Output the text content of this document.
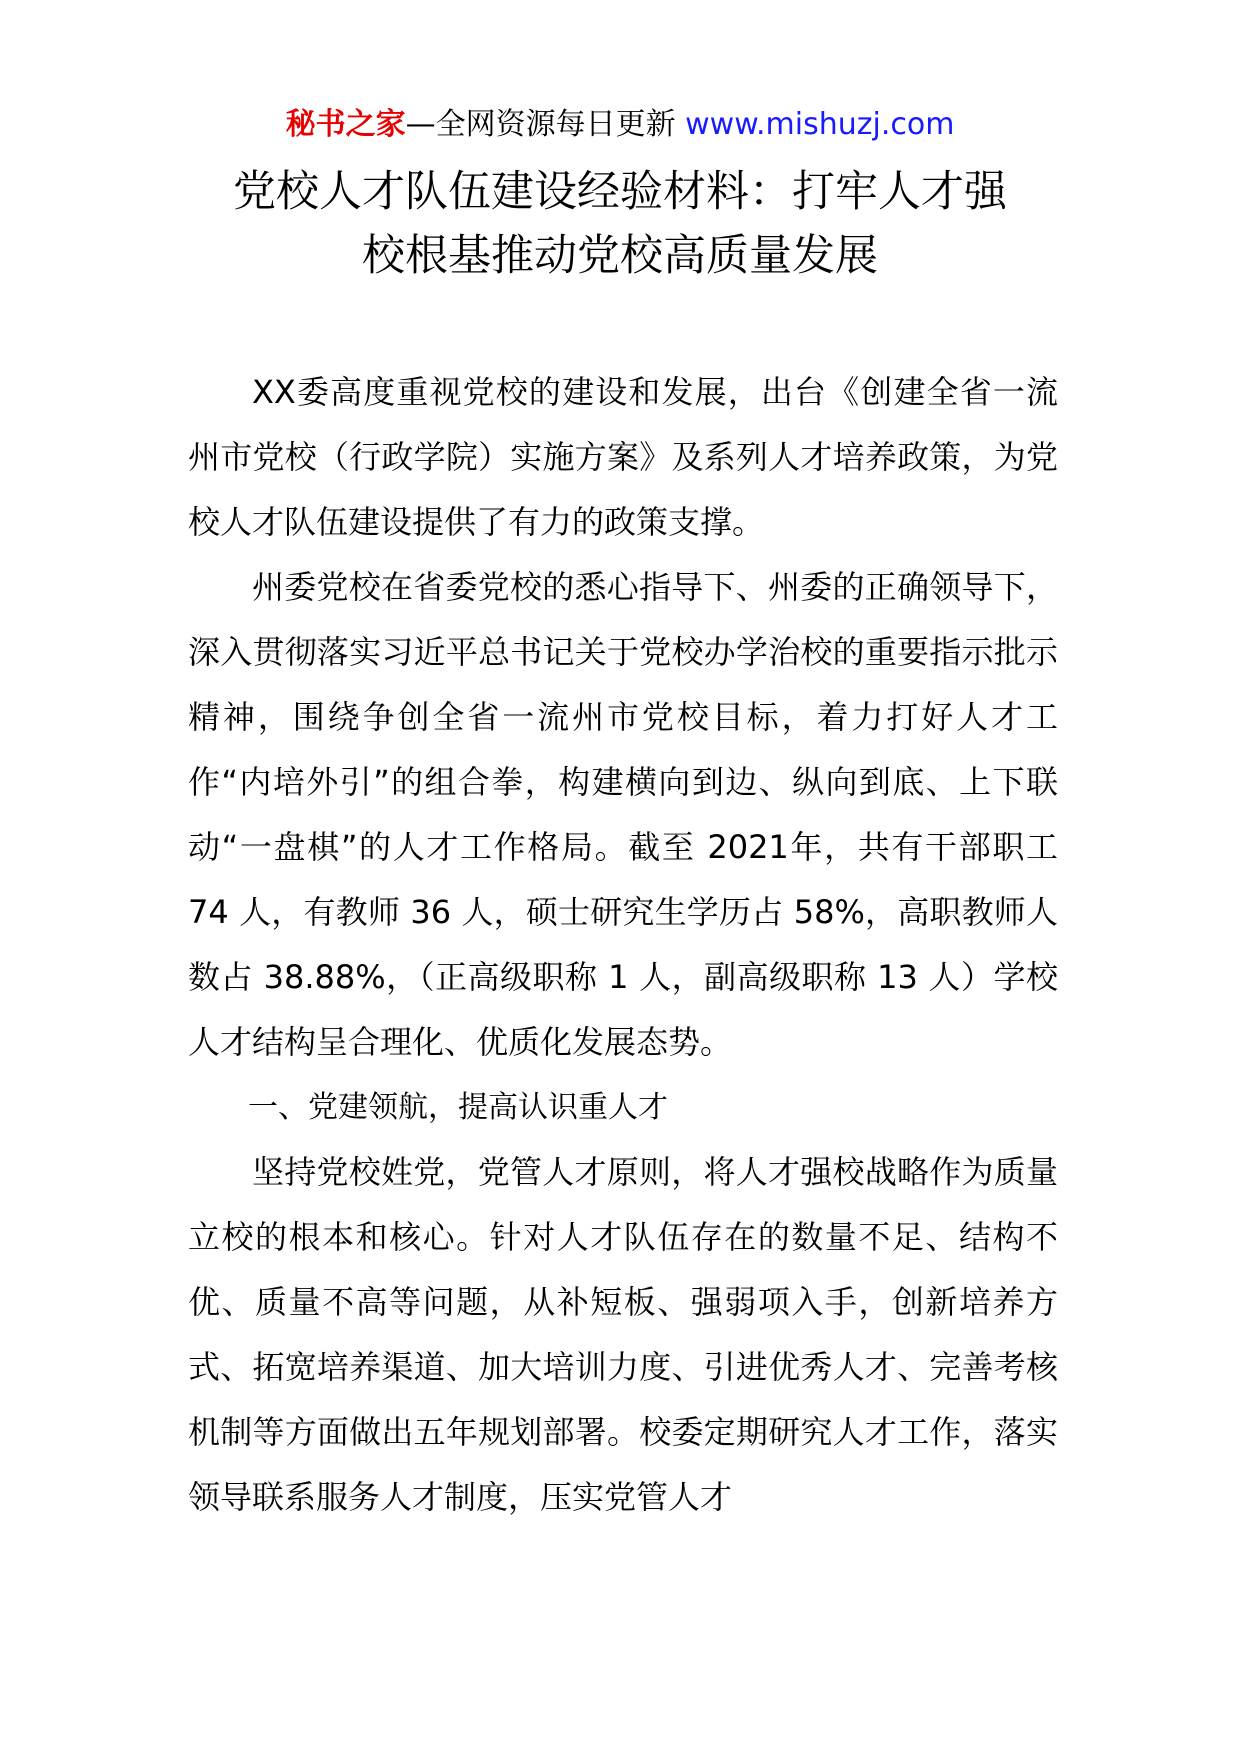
秘书之家—全网资源每日更新 www.mishuzj.com
党校人才队伍建设经验材料：打牢人才强
校根基推动党校高质量发展

XX委高度重视党校的建设和发展，出台《创建全省一流州市党校（行政学院）实施方案》及系列人才培养政策，为党校人才队伍建设提供了有力的政策支撑。

州委党校在省委党校的悉心指导下、州委的正确领导下，深入贯彻落实习近平总书记关于党校办学治校的重要指示批示精神，围绕争创全省一流州市党校目标，着力打好人才工作“内培外引”的组合拳，构建横向到边、纵向到底、上下联动“一盘棋”的人才工作格局。截至 2021年，共有干部职工 74 人，有教师 36 人，硕士研究生学历占 58%，高职教师人数占 38.88%，（正高级职称 1 人，副高级职称 13 人）学校人才结构呈合理化、优质化发展态势。

一、党建领航，提高认识重人才

坚持党校姓党，党管人才原则，将人才强校战略作为质量立校的根本和核心。针对人才队伍存在的数量不足、结构不优、质量不高等问题，从补短板、强弱项入手，创新培养方式、拓宽培养渠道、加大培训力度、引进优秀人才、完善考核机制等方面做出五年规划部署。校委定期研究人才工作，落实领导联系服务人才制度，压实党管人才
